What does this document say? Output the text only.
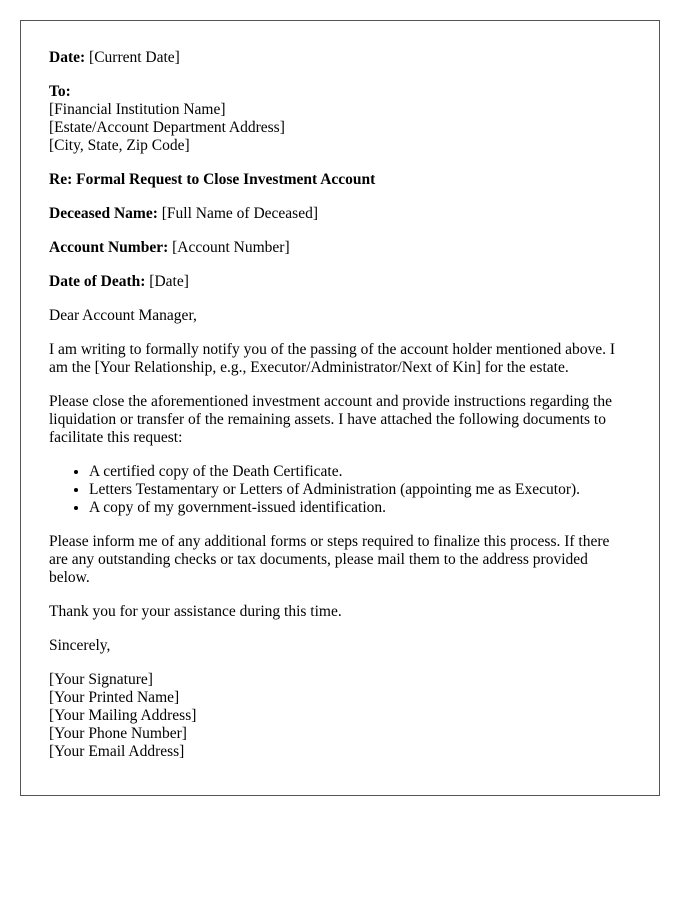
Date: [Current Date]

To:
[Financial Institution Name]
[Estate/Account Department Address]
[City, State, Zip Code]

Re: Formal Request to Close Investment Account

Deceased Name: [Full Name of Deceased]

Account Number: [Account Number]

Date of Death: [Date]

Dear Account Manager,

I am writing to formally notify you of the passing of the account holder mentioned above. I am the [Your Relationship, e.g., Executor/Administrator/Next of Kin] for the estate.

Please close the aforementioned investment account and provide instructions regarding the liquidation or transfer of the remaining assets. I have attached the following documents to facilitate this request:

• A certified copy of the Death Certificate.
• Letters Testamentary or Letters of Administration (appointing me as Executor).
• A copy of my government-issued identification.

Please inform me of any additional forms or steps required to finalize this process. If there are any outstanding checks or tax documents, please mail them to the address provided below.

Thank you for your assistance during this time.

Sincerely,

[Your Signature]
[Your Printed Name]
[Your Mailing Address]
[Your Phone Number]
[Your Email Address]
